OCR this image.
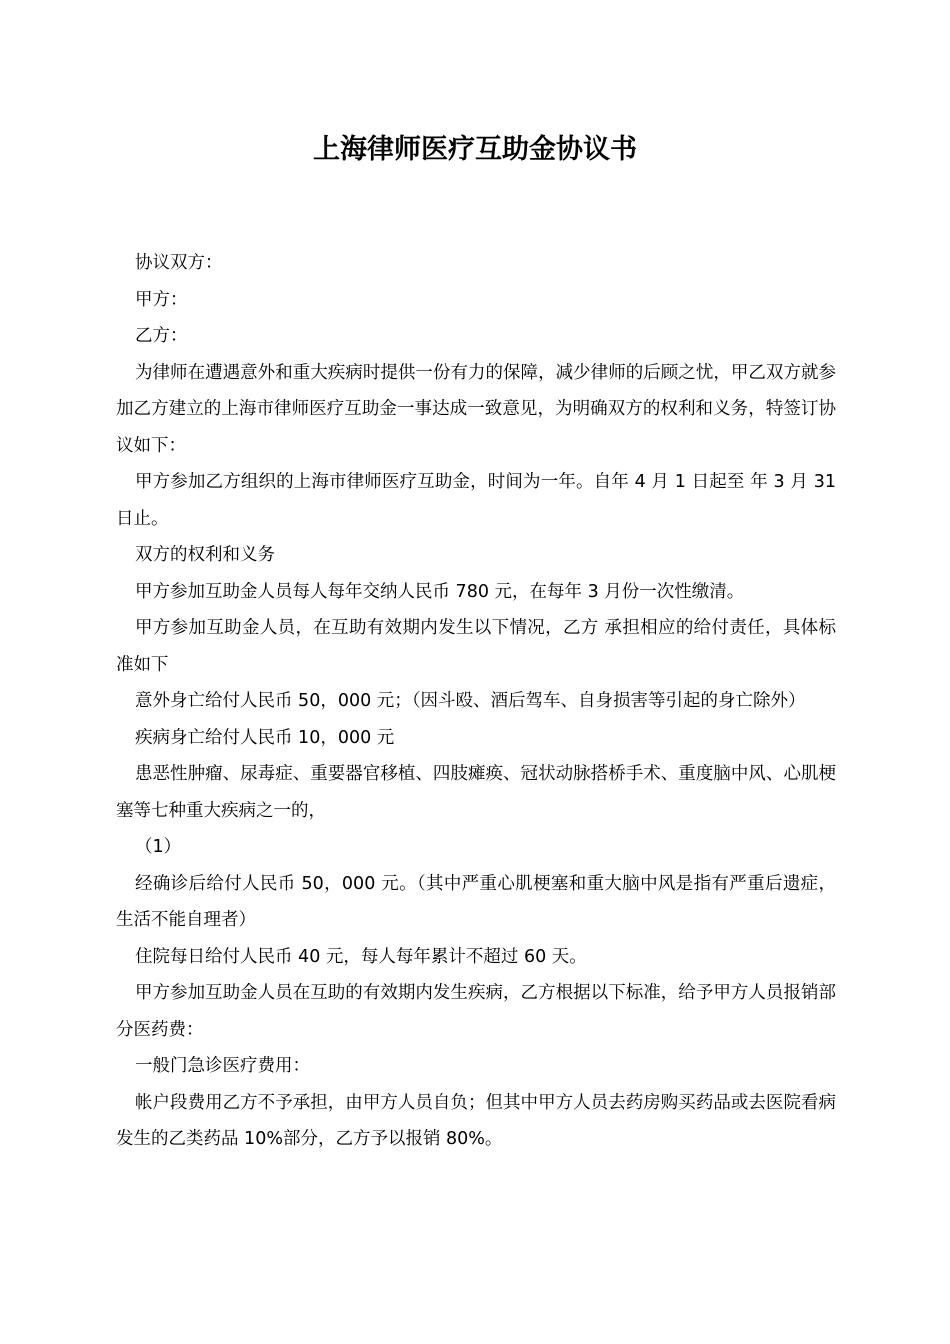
上海律师医疗互助金协议书

协议双方：

甲方：

乙方：

为律师在遭遇意外和重大疾病时提供一份有力的保障，减少律师的后顾之忧，甲乙双方就参加乙方建立的上海市律师医疗互助金一事达成一致意见，为明确双方的权利和义务，特签订协议如下：

甲方参加乙方组织的上海市律师医疗互助金，时间为一年。自年 4 月 1 日起至 年 3 月 31 日止。

双方的权利和义务

甲方参加互助金人员每人每年交纳人民币 780 元，在每年 3 月份一次性缴清。

甲方参加互助金人员，在互助有效期内发生以下情况，乙方 承担相应的给付责任，具体标准如下

意外身亡给付人民币 50，000 元；（因斗殴、酒后驾车、自身损害等引起的身亡除外）

疾病身亡给付人民币 10，000 元

患恶性肿瘤、尿毒症、重要器官移植、四肢瘫痪、冠状动脉搭桥手术、重度脑中风、心肌梗塞等七种重大疾病之一的，

（1）

经确诊后给付人民币 50，000 元。（其中严重心肌梗塞和重大脑中风是指有严重后遗症，生活不能自理者）

住院每日给付人民币 40 元，每人每年累计不超过 60 天。

甲方参加互助金人员在互助的有效期内发生疾病，乙方根据以下标准，给予甲方人员报销部分医药费：

一般门急诊医疗费用：

帐户段费用乙方不予承担，由甲方人员自负；但其中甲方人员去药房购买药品或去医院看病发生的乙类药品 10%部分，乙方予以报销 80%。
